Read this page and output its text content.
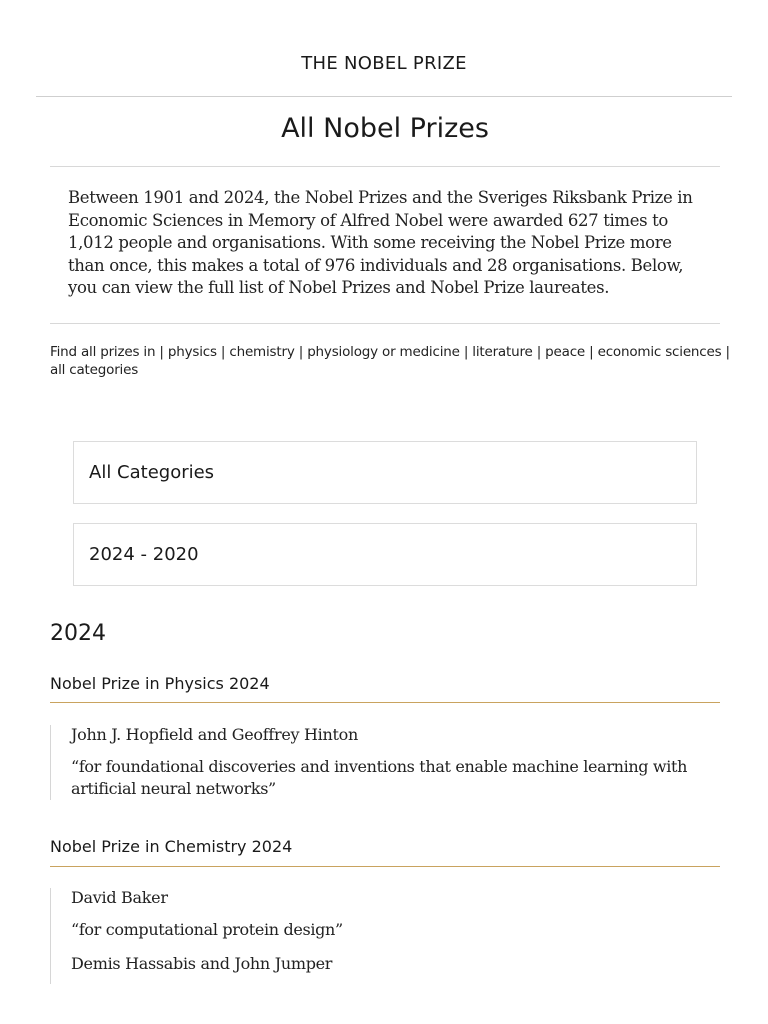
THE NOBEL PRIZE
All Nobel Prizes

Between 1901 and 2024, the Nobel Prizes and the Sveriges Riksbank Prize in Economic Sciences in Memory of Alfred Nobel were awarded 627 times to 1,012 people and organisations. With some receiving the Nobel Prize more than once, this makes a total of 976 individuals and 28 organisations. Below, you can view the full list of Nobel Prizes and Nobel Prize laureates.

Find all prizes in | physics | chemistry | physiology or medicine | literature | peace | economic sciences | all categories
All Categories
2024 - 2020
2024
Nobel Prize in Physics 2024
John J. Hopfield and Geoffrey Hinton

“for foundational discoveries and inventions that enable machine learning with artificial neural networks”

Nobel Prize in Chemistry 2024
David Baker

“for computational protein design”

Demis Hassabis and John Jumper
